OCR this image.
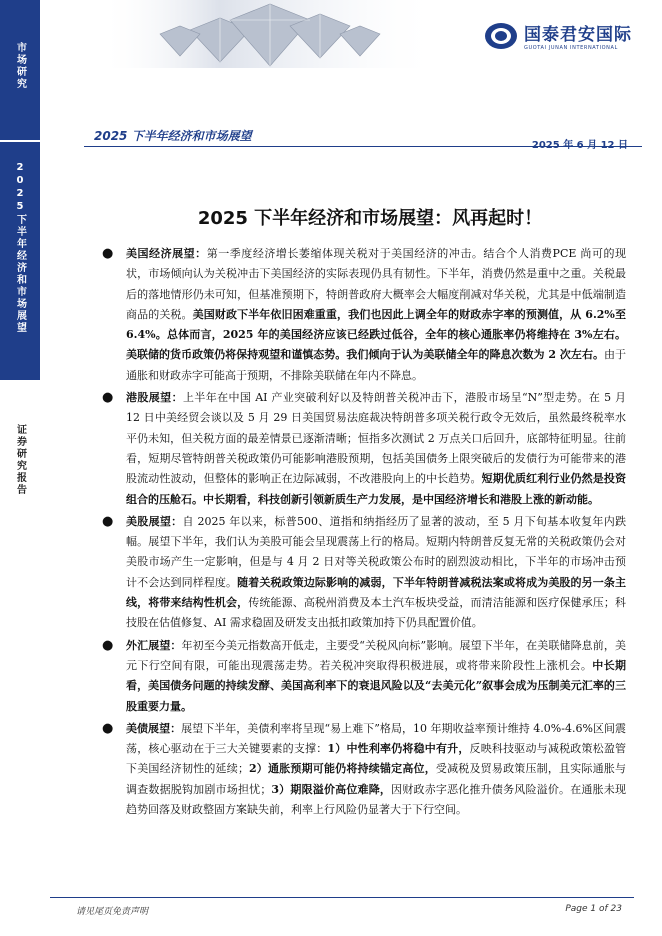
市场研究
2025下半年经济和市场展望
证券研究报告
国泰君安国际
GUOTAI JUNAN INTERNATIONAL
2025 下半年经济和市场展望
2025 年 6 月 12 日
2025 下半年经济和市场展望：风再起时！
● 美国经济展望：第一季度经济增长萎缩体现关税对于美国经济的冲击。结合个人消费PCE 尚可的现状，市场倾向认为关税冲击下美国经济的实际表现仍具有韧性。下半年，消费仍然是重中之重。关税最后的落地情形仍未可知，但基准预期下，特朗普政府大概率会大幅度削减对华关税，尤其是中低端制造商品的关税。美国财政下半年依旧困难重重，我们也因此上调全年的财政赤字率的预测值，从 6.2%至 6.4%。总体而言，2025 年的美国经济应该已经跌过低谷，全年的核心通胀率仍将维持在 3%左右。美联储的货币政策仍将保持观望和谨慎态势。我们倾向于认为美联储全年的降息次数为 2 次左右。由于通胀和财政赤字可能高于预期，不排除美联储在年内不降息。
● 港股展望：上半年在中国 AI 产业突破利好以及特朗普关税冲击下，港股市场呈“N”型走势。在 5 月 12 日中美经贸会谈以及 5 月 29 日美国贸易法庭裁决特朗普多项关税行政令无效后，虽然最终税率水平仍未知，但关税方面的最差情景已逐渐清晰；恒指多次测试 2 万点关口后回升，底部特征明显。往前看，短期尽管特朗普关税政策仍可能影响港股预期，包括美国债务上限突破后的发债行为可能带来的港股流动性波动，但整体的影响正在边际减弱，不改港股向上的中长趋势。短期优质红利行业仍然是投资组合的压舱石。中长期看，科技创新引领新质生产力发展，是中国经济增长和港股上涨的新动能。
● 美股展望：自 2025 年以来，标普500、道指和纳指经历了显著的波动，至 5 月下旬基本收复年内跌幅。展望下半年，我们认为美股可能会呈现震荡上行的格局。短期内特朗普反复无常的关税政策仍会对美股市场产生一定影响，但是与 4 月 2 日对等关税政策公布时的剧烈波动相比，下半年的市场冲击预计不会达到同样程度。随着关税政策边际影响的减弱，下半年特朗普减税法案或将成为美股的另一条主线，将带来结构性机会，传统能源、高税州消费及本土汽车板块受益，而清洁能源和医疗保健承压；科技股在估值修复、AI 需求稳固及研发支出抵扣政策加持下仍具配置价值。
● 外汇展望：年初至今美元指数高开低走，主要受“关税风向标”影响。展望下半年，在美联储降息前，美元下行空间有限，可能出现震荡走势。若关税冲突取得积极进展，或将带来阶段性上涨机会。中长期看，美国债务问题的持续发酵、美国高利率下的衰退风险以及“去美元化”叙事会成为压制美元汇率的三股重要力量。
● 美债展望：展望下半年，美债利率将呈现“易上难下”格局，10 年期收益率预计维持 4.0%-4.6%区间震荡，核心驱动在于三大关键要素的支撑：1）中性利率仍将稳中有升，反映科技驱动与减税政策松盈管下美国经济韧性的延续；2）通胀预期可能仍将持续锚定高位，受减税及贸易政策压制，且实际通胀与调查数据脱钩加剧市场担忧；3）期限溢价高位难降，因财政赤字恶化推升债务风险溢价。在通胀未现趋势回落及财政整固方案缺失前，利率上行风险仍显著大于下行空间。
请见尾页免责声明	Page 1 of 23
